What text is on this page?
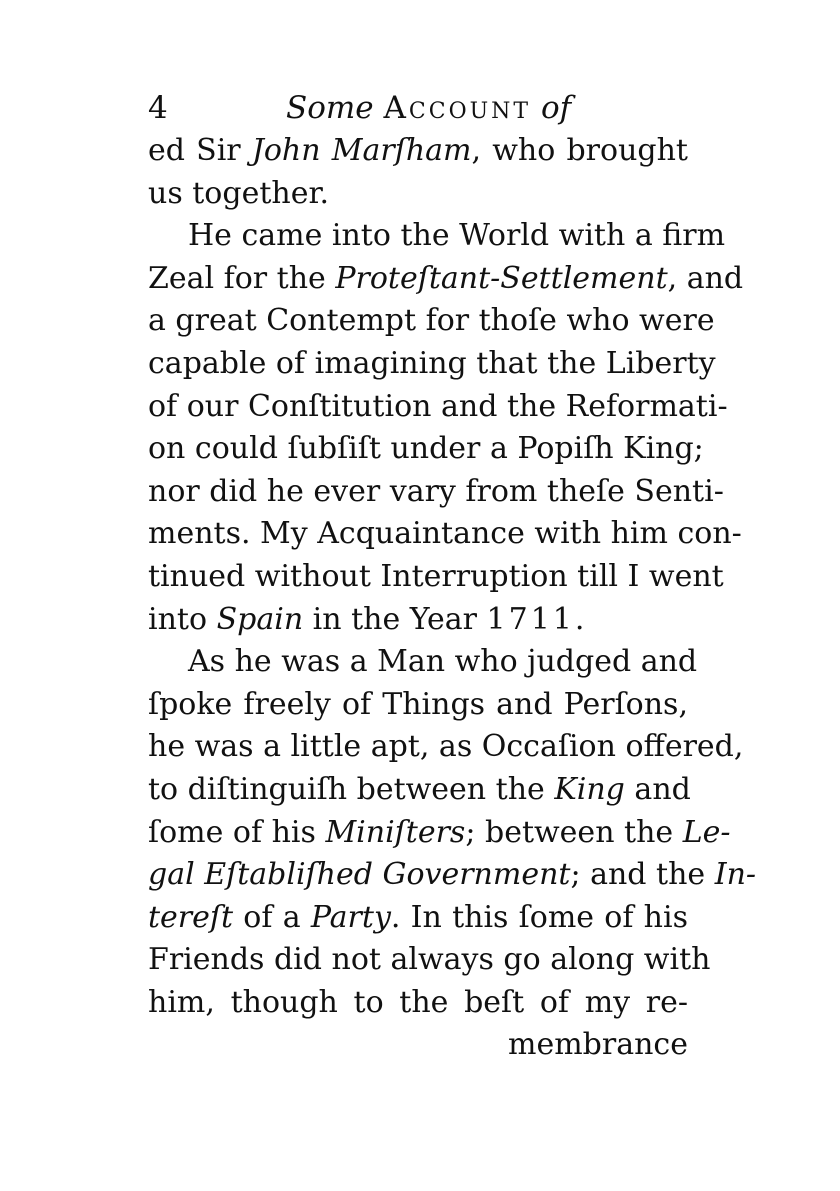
4	Some Account of
ed Sir John Marſham, who brought
us together.
He came into the World with a firm
Zeal for the Proteſtant-Settlement, and
a great Contempt for thoſe who were
capable of imagining that the Liberty
of our Conſtitution and the Reformati-
on could ſubſiſt under a Popiſh King;
nor did he ever vary from theſe Senti-
ments. My Acquaintance with him con-
tinued without Interruption till I went
into Spain in the Year 1711.
As he was a Man who judged and
ſpoke freely of Things and Perſons,
he was a little apt, as Occaſion offered,
to diſtinguiſh between the King and
ſome of his Miniſters; between the Le-
gal Eſtabliſhed Government; and the In-
tereſt of a Party. In this ſome of his
Friends did not always go along with
him, though to the beſt of my re-
membrance
